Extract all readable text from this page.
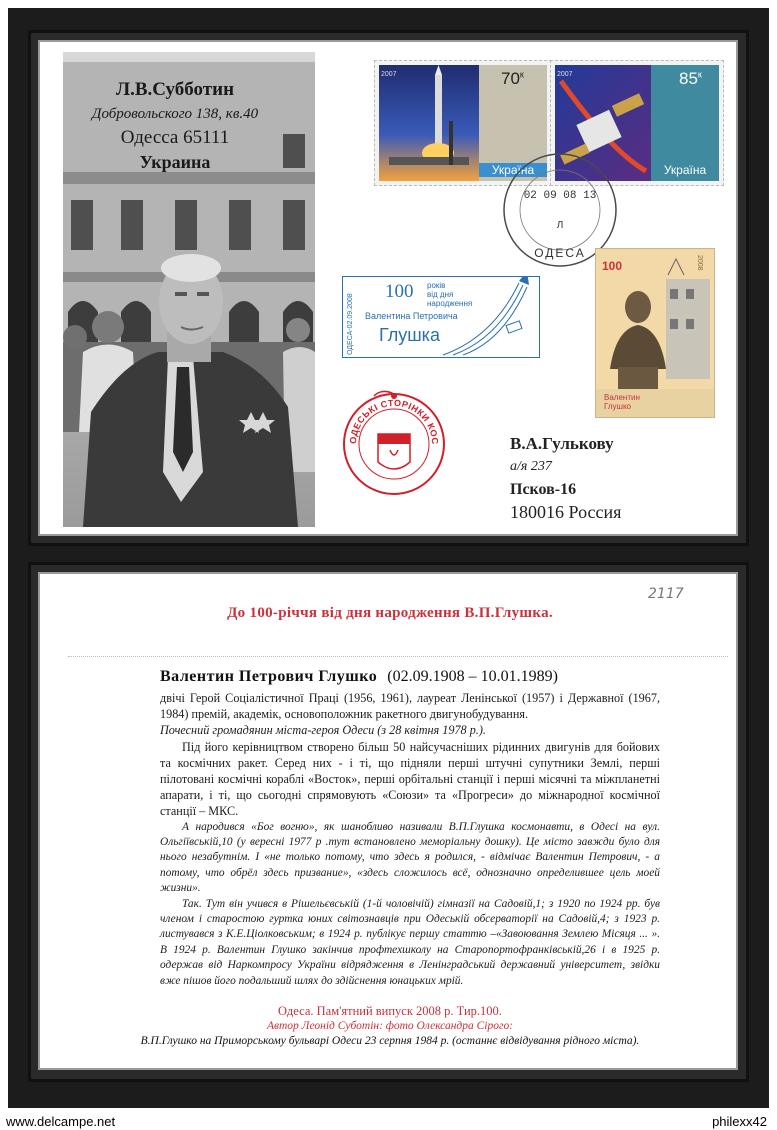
Л.В.Субботин
Добровольского 138, кв.40
Одесса 65111
Украина
$70^к$
Україна
2007	$85^к$
Україна
2007
02 09 08 13
Л
ОДЕСА
ОДЕСА-02.09.2008
100 років
від дня
народження
Валентина Петровича
Глушка
100	2008
Валентин
Глушко
ОДЕСЬКІ СТОРІНКИ КОС	В.А.Гулькову
а/я 237
Псков-16
180016 Россия
До 100-річчя від дня народження В.П.Глушка.
2117
Валентин Петрович Глушко (02.09.1908 – 10.01.1989)

двічі Герой Соціалістичної Праці (1956, 1961), лауреат Ленінської (1957) і Державної (1967, 1984) премій, академік, основоположник ракетного двигунобудування.

Почесний громадянин міста-героя Одеси (з 28 квітня 1978 р.).

Під його керівництвом створено більш 50 найсучасніших рідинних двигунів для бойових та космічних ракет. Серед них - і ті, що підняли перші штучні супутники Землі, перші пілотовані космічні кораблі «Восток», перші орбітальні станції і перші місячні та міжпланетні апарати, і ті, що сьогодні спрямовують «Союзи» та «Прогреси» до міжнародної космічної станції – МКС.

А народився «Бог вогню», як шанобливо називали В.П.Глушка космонавти, в Одесі на вул. Ольгіївській,10 (у вересні 1977 р .тут встановлено меморіальну дошку). Це місто завжди було для нього незабутнім. І «не только потому, что здесь я родился, - відмічає Валентин Петрович, - а потому, что обрёл здесь призвание», «здесь сложилось всё, однозначно определившее цель моей жизни».

Так. Тут він учився в Рішельєвській (1-й чоловічій) гімназії на Садовій,1; з 1920 по 1924 рр. був членом і старостою гуртка юних світознавців при Одеській обсерваторії на Садовій,4; з 1923 р. листувався з К.Е.Ціолковським; в 1924 р. публікує першу статтю –«Завоювання Землею Місяця ... ». В 1924 р. Валентин Глушко закінчив профтехшколу на Старопортофранківській,26 і в 1925 р. одержав від Наркомпросу України відрядження в Ленінградський державний університет, звідки вже пішов його подальший шлях до здійснення юнацьких мрій.

Одеса. Пам'ятний випуск 2008 р. Тир.100.
Автор Леонід Суботін: фото Олександра Сірого:
В.П.Глушко на Приморському бульварі Одеси 23 серпня 1984 р. (останнє відвідування рідного міста).
www.delcampe.net	philexx42
